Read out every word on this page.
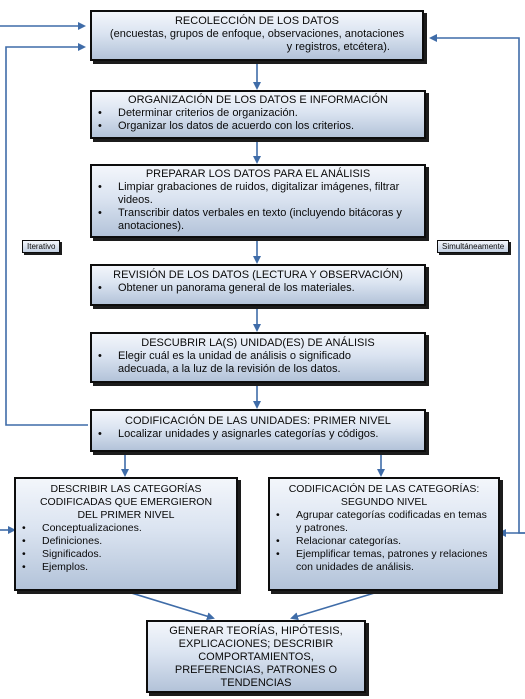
RECOLECCIÓN DE LOS DATOS
(encuestas, grupos de enfoque, observaciones, anotaciones
y registros, etcétera).
ORGANIZACIÓN DE LOS DATOS E INFORMACIÓN
• Determinar criterios de organización.
• Organizar los datos de acuerdo con los criterios.
PREPARAR LOS DATOS PARA EL ANÁLISIS
• Limpiar grabaciones de ruidos, digitalizar imágenes, filtrar videos.
• Transcribir datos verbales en texto (incluyendo bitácoras y anotaciones).
REVISIÓN DE LOS DATOS (LECTURA Y OBSERVACIÓN)
• Obtener un panorama general de los materiales.
DESCUBRIR LA(S) UNIDAD(ES) DE ANÁLISIS
• Elegir cuál es la unidad de análisis o significado adecuada, a la luz de la revisión de los datos.
CODIFICACIÓN DE LAS UNIDADES: PRIMER NIVEL
• Localizar unidades y asignarles categorías y códigos.
DESCRIBIR LAS CATEGORÍAS
CODIFICADAS QUE EMERGIERON
DEL PRIMER NIVEL
• Conceptualizaciones.
• Definiciones.
• Significados.
• Ejemplos.
CODIFICACIÓN DE LAS CATEGORÍAS:
SEGUNDO NIVEL
• Agrupar categorías codificadas en temas y patrones.
• Relacionar categorías.
• Ejemplificar temas, patrones y relaciones con unidades de análisis.
GENERAR TEORÍAS, HIPÓTESIS,
EXPLICACIONES; DESCRIBIR
COMPORTAMIENTOS,
PREFERENCIAS, PATRONES O
TENDENCIAS
Iterativo	Simultáneamente
